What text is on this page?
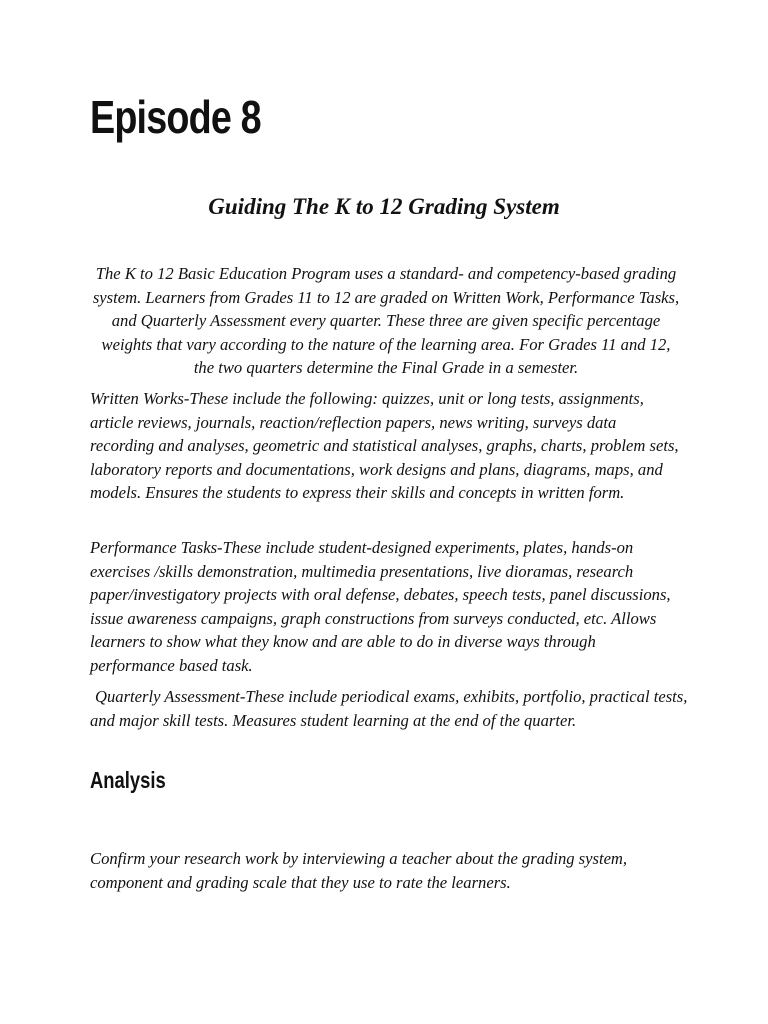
Episode 8
Guiding The K to 12 Grading System

The K to 12 Basic Education Program uses a standard- and competency-based grading system. Learners from Grades 11 to 12 are graded on Written Work, Performance Tasks, and Quarterly Assessment every quarter. These three are given specific percentage weights that vary according to the nature of the learning area. For Grades 11 and 12, the two quarters determine the Final Grade in a semester.

Written Works-These include the following: quizzes, unit or long tests, assignments, article reviews, journals, reaction/reflection papers, news writing, surveys data recording and analyses, geometric and statistical analyses, graphs, charts, problem sets, laboratory reports and documentations, work designs and plans, diagrams, maps, and models. Ensures the students to express their skills and concepts in written form.

Performance Tasks-These include student-designed experiments, plates, hands-on exercises /skills demonstration, multimedia presentations, live dioramas, research paper/investigatory projects with oral defense, debates, speech tests, panel discussions, issue awareness campaigns, graph constructions from surveys conducted, etc. Allows learners to show what they know and are able to do in diverse ways through performance based task.

Quarterly Assessment-These include periodical exams, exhibits, portfolio, practical tests, and major skill tests. Measures student learning at the end of the quarter.

Analysis

Confirm your research work by interviewing a teacher about the grading system, component and grading scale that they use to rate the learners.
